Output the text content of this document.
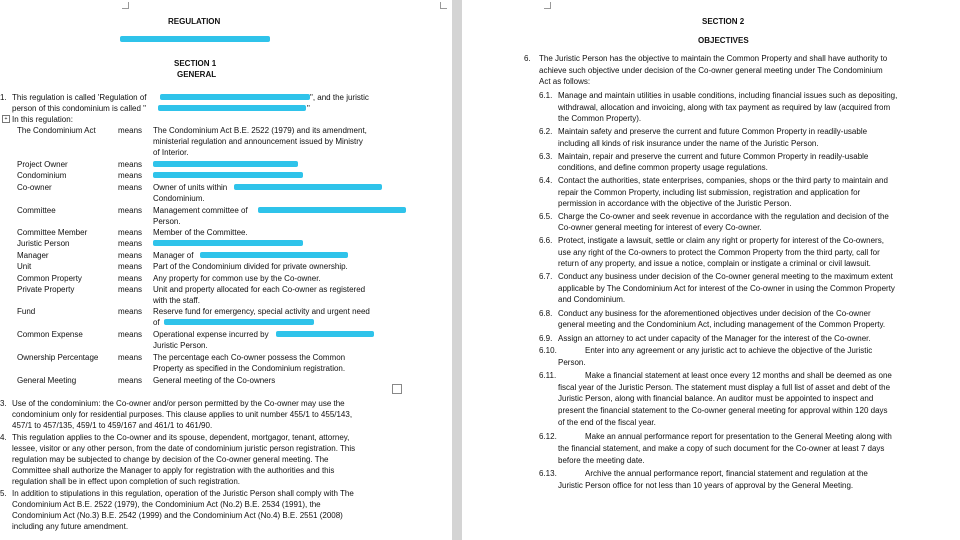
REGULATION
SECTION 1
GENERAL
1. This regulation is called 'Regulation of	", and the juristic
person of this condominium is called "	"
+ In this regulation:
The Condominium Act	means The Condominium Act B.E. 2522 (1979) and its amendment,
ministerial regulation and announcement issued by Ministry
of Interior.
Project Owner	means
Condominium	means
Co-owner	means Owner of units within
Condominium.
Committee	means Management committee of
Person.
Committee Member	means Member of the Committee.
Juristic Person	means
Manager	means Manager of
Unit	means Part of the Condominium divided for private ownership.
Common Property	means Any property for common use by the Co-owner.
Private Property	means Unit and property allocated for each Co-owner as registered
with the staff.
Fund	means Reserve fund for emergency, special activity and urgent need
of
Common Expense	means Operational expense incurred by
Juristic Person.
Ownership Percentage means The percentage each Co-owner possess the Common
Property as specified in the Condominium registration.
General Meeting	means General meeting of the Co-owners
3. Use of the condominium: the Co-owner and/or person permitted by the Co-owner may use the
condominium only for residential purposes. This clause applies to unit number 455/1 to 455/143,
457/1 to 457/135, 459/1 to 459/167 and 461/1 to 461/90.
4. This regulation applies to the Co-owner and its spouse, dependent, mortgagor, tenant, attorney,
lessee, visitor or any other person, from the date of condominium juristic person registration. This
regulation may be subjected to change by decision of the Co-owner general meeting. The
Committee shall authorize the Manager to apply for registration with the authorities and this
regulation shall be in effect upon completion of such registration.
5. In addition to stipulations in this regulation, operation of the Juristic Person shall comply with The
Condominium Act B.E. 2522 (1979), the Condominium Act (No.2) B.E. 2534 (1991), the
Condominium Act (No.3) B.E. 2542 (1999) and the Condominium Act (No.4) B.E. 2551 (2008)
including any future amendment.
SECTION 2
OBJECTIVES
6. The Juristic Person has the objective to maintain the Common Property and shall have authority to
achieve such objective under decision of the Co-owner general meeting under The Condominium
Act as follows:
6.1. Manage and maintain utilities in usable conditions, including financial issues such as depositing,
withdrawal, allocation and invoicing, along with tax payment as required by law (acquired from
the Common Property).
6.2. Maintain safety and preserve the current and future Common Property in readily-usable
including all kinds of risk insurance under the name of the Juristic Person.
6.3. Maintain, repair and preserve the current and future Common Property in readily-usable
conditions, and define common property usage regulations.
6.4. Contact the authorities, state enterprises, companies, shops or the third party to maintain and
repair the Common Property, including list submission, registration and application for
permission in accordance with the objective of the Juristic Person.
6.5. Charge the Co-owner and seek revenue in accordance with the regulation and decision of the
Co-owner general meeting for interest of every Co-owner.
6.6. Protect, instigate a lawsuit, settle or claim any right or property for interest of the Co-owners,
use any right of the Co-owners to protect the Common Property from the third party, call for
return of any property, and issue a notice, complain or instigate a criminal or civil lawsuit.
6.7. Conduct any business under decision of the Co-owner general meeting to the maximum extent
applicable by The Condominium Act for interest of the Co-owner in using the Common Property
and Condominium.
6.8. Conduct any business for the aforementioned objectives under decision of the Co-owner
general meeting and the Condominium Act, including management of the Common Property.
6.9. Assign an attorney to act under capacity of the Manager for the interest of the Co-owner.
6.10.	Enter into any agreement or any juristic act to achieve the objective of the Juristic
Person.
6.11.	Make a financial statement at least once every 12 months and shall be deemed as one
fiscal year of the Juristic Person. The statement must display a full list of asset and debt of the
Juristic Person, along with financial balance. An auditor must be appointed to inspect and
present the financial statement to the Co-owner general meeting for approval within 120 days
of the end of the fiscal year.
6.12.	Make an annual performance report for presentation to the General Meeting along with
the financial statement, and make a copy of such document for the Co-owner at least 7 days
before the meeting date.
6.13.	Archive the annual performance report, financial statement and regulation at the
Juristic Person office for not less than 10 years of approval by the General Meeting.
